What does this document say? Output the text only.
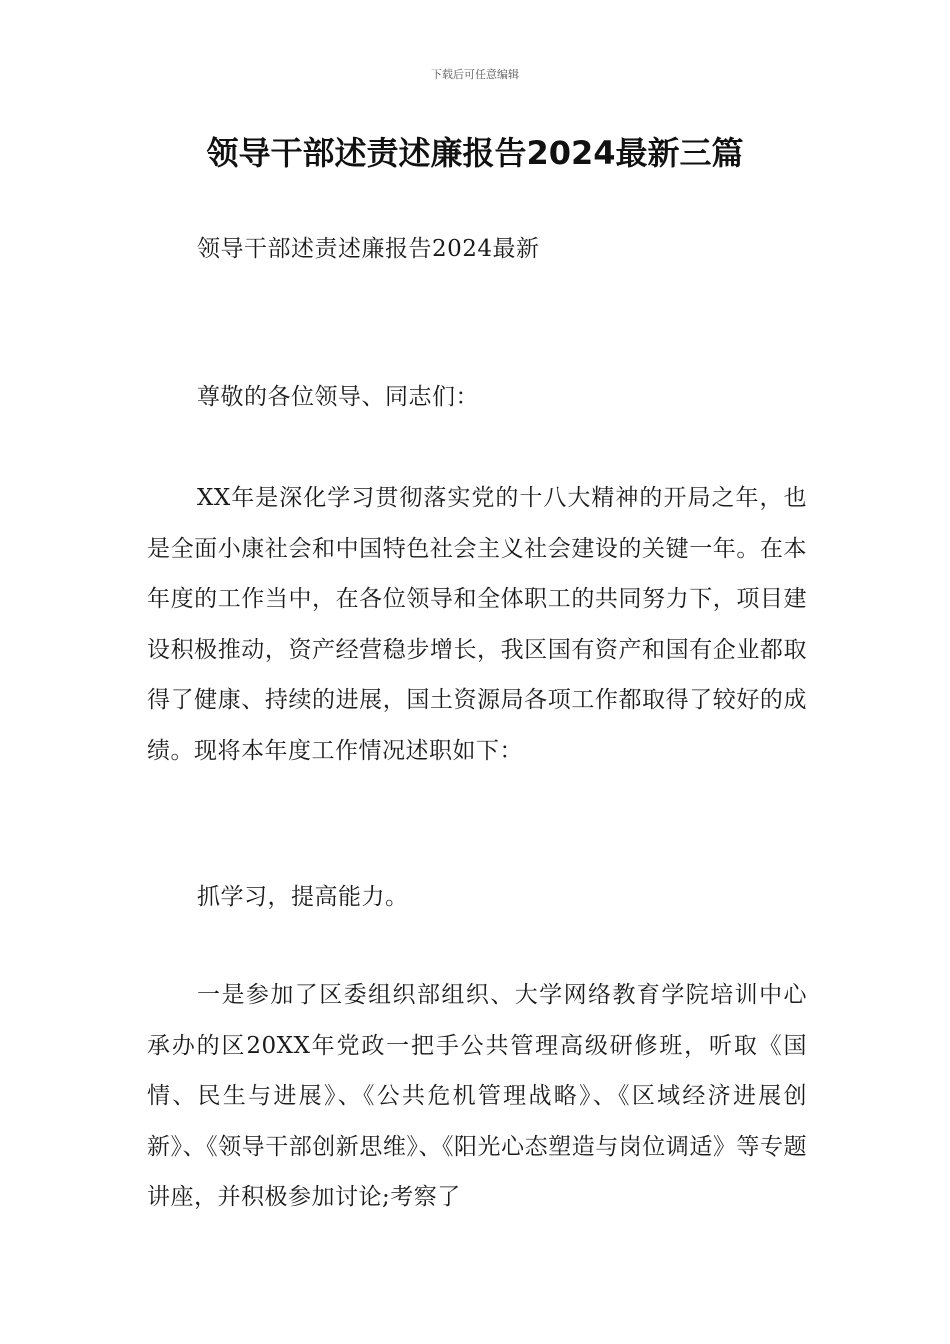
下载后可任意编辑
领导干部述责述廉报告2024最新三篇
领导干部述责述廉报告2024最新
尊敬的各位领导、同志们：
XX年是深化学习贯彻落实党的十八大精神的开局之年，也是全面小康社会和中国特色社会主义社会建设的关键一年。在本年度的工作当中，在各位领导和全体职工的共同努力下，项目建设积极推动，资产经营稳步增长，我区国有资产和国有企业都取得了健康、持续的进展，国土资源局各项工作都取得了较好的成绩。现将本年度工作情况述职如下：
抓学习，提高能力。
一是参加了区委组织部组织、大学网络教育学院培训中心承办的区20XX年党政一把手公共管理高级研修班，听取《国情、民生与进展》、《公共危机管理战略》、《区域经济进展创新》、《领导干部创新思维》、《阳光心态塑造与岗位调适》等专题讲座，并积极参加讨论;考察了
